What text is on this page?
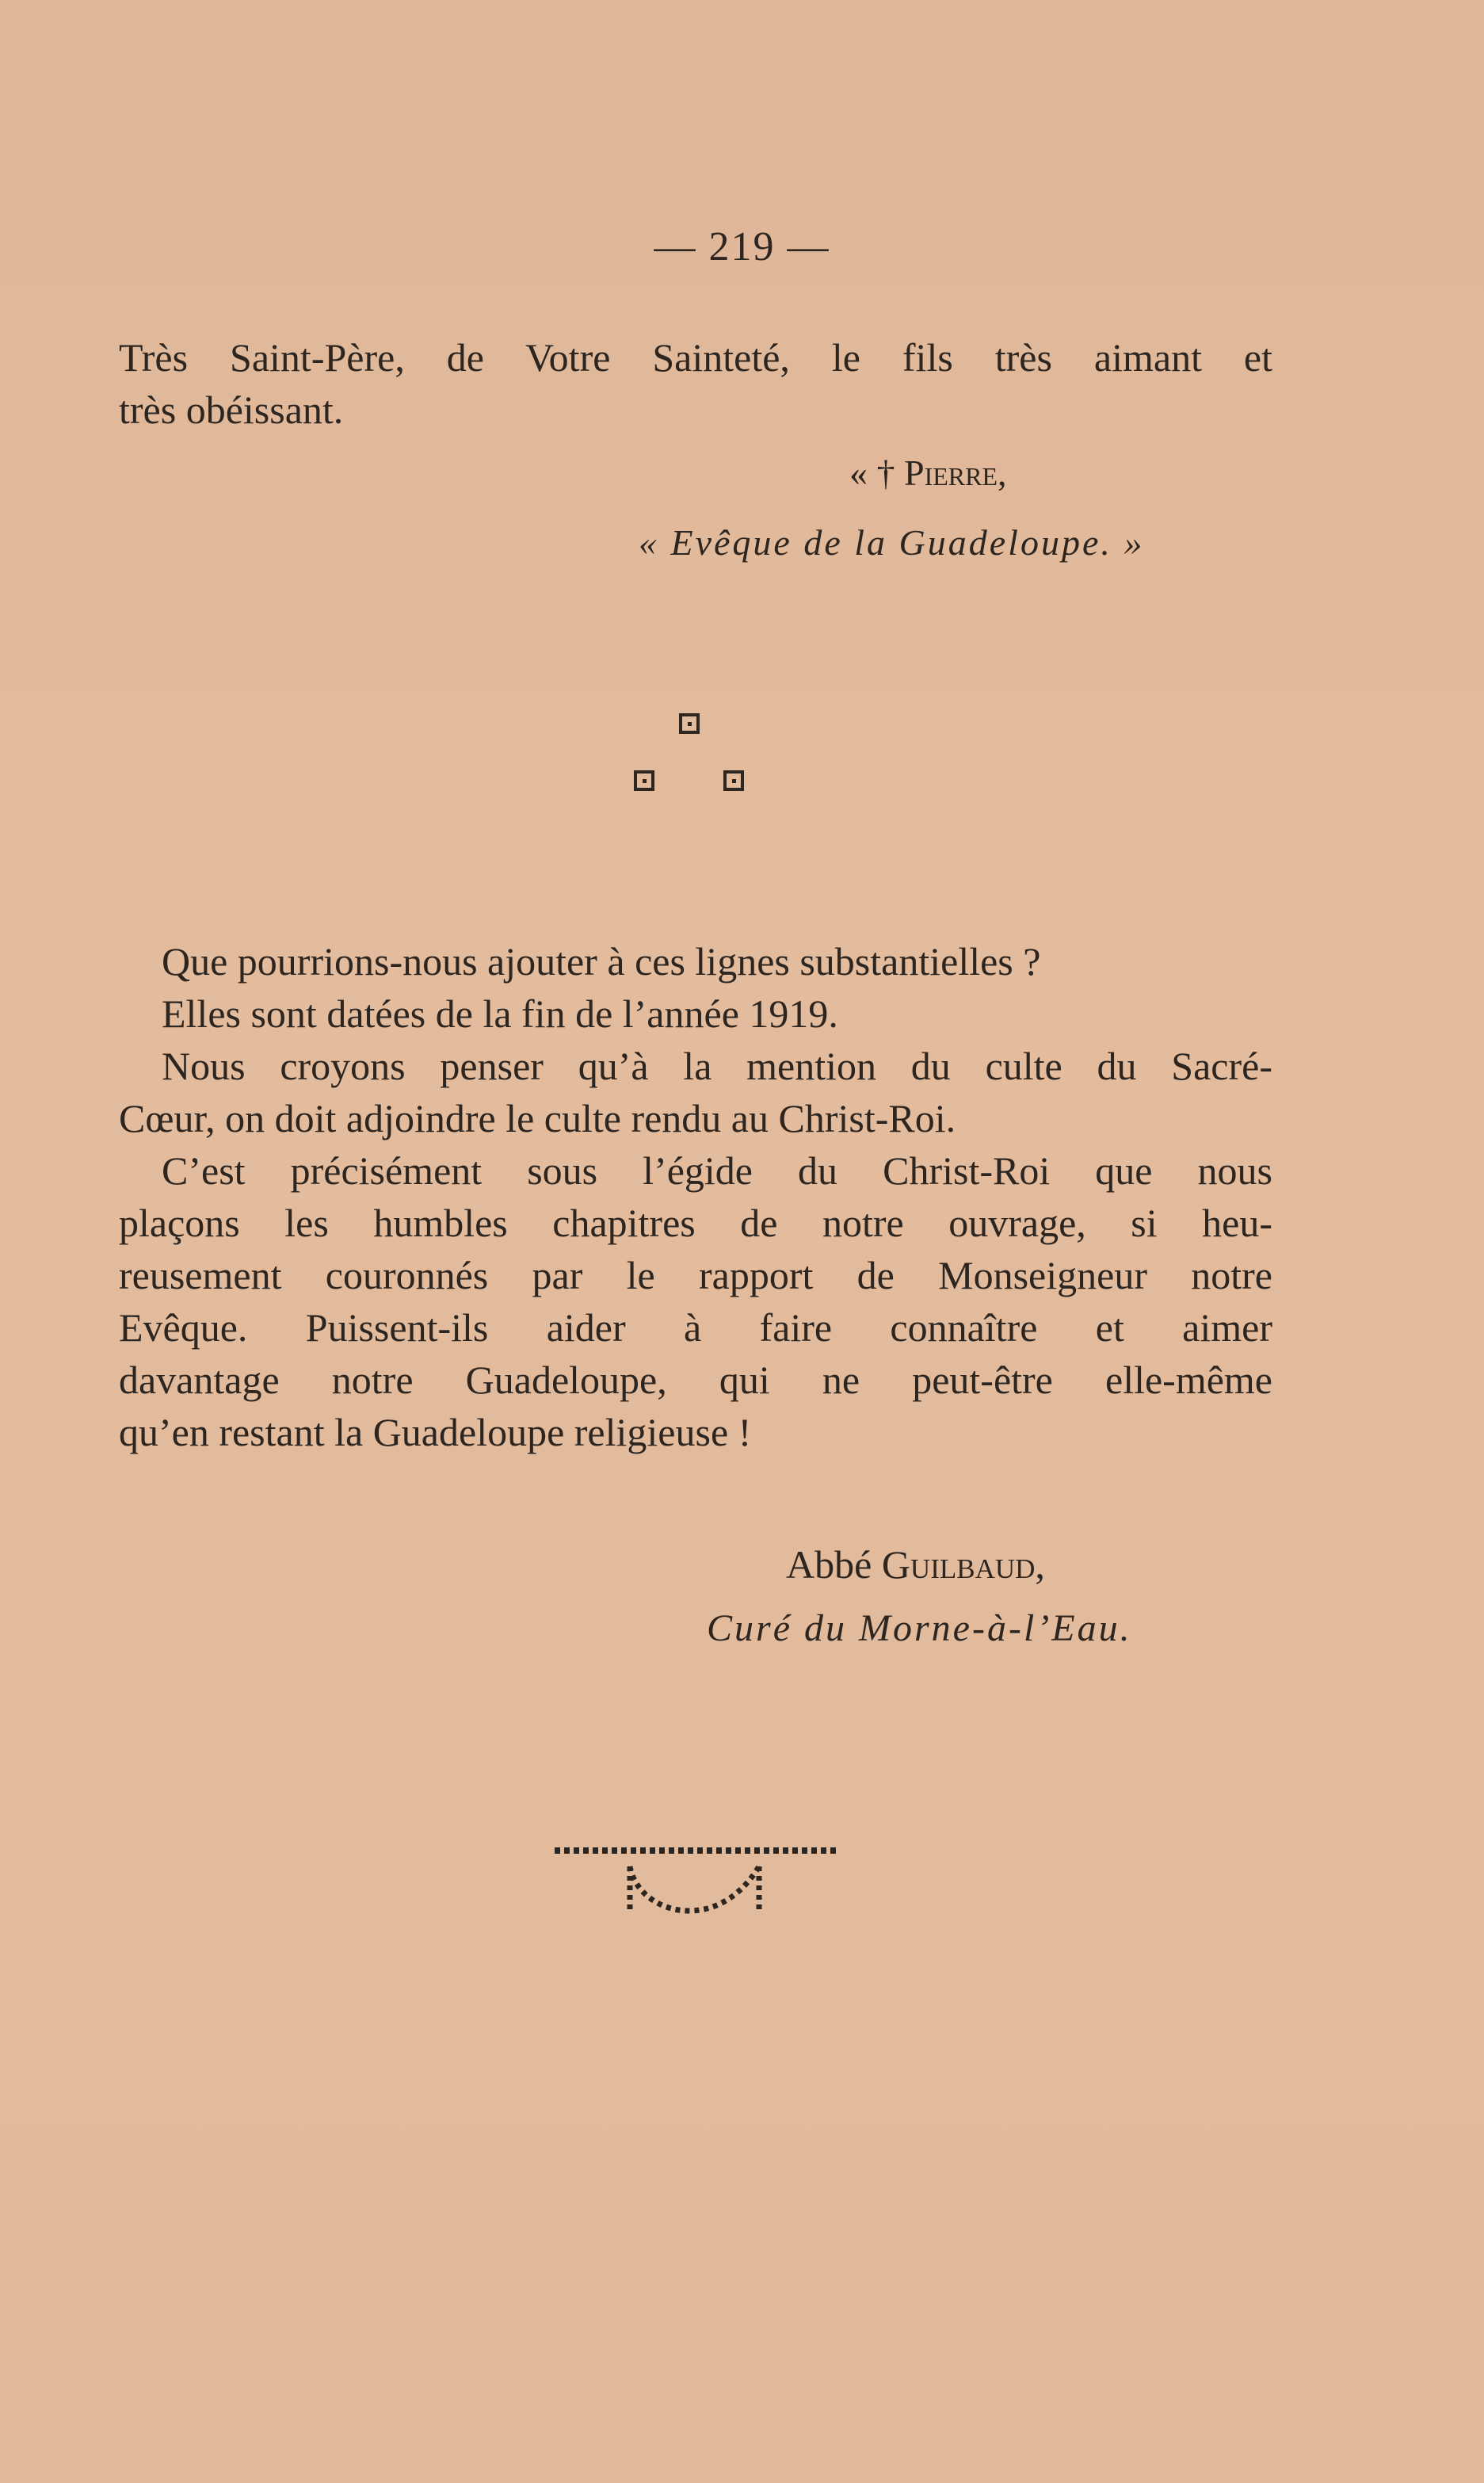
— 219 —
Très Saint-Père, de Votre Sainteté, le fils très aimant et
très obéissant.
« † Pierre,
« Evêque de la Guadeloupe. »
Que pourrions-nous ajouter à ces lignes substantielles ?
Elles sont datées de la fin de l’année 1919.
Nous croyons penser qu’à la mention du culte du Sacré-
Cœur, on doit adjoindre le culte rendu au Christ-Roi.
C’est précisément sous l’égide du Christ-Roi que nous
plaçons les humbles chapitres de notre ouvrage, si heu-
reusement couronnés par le rapport de Monseigneur notre
Evêque. Puissent-ils aider à faire connaître et aimer
davantage notre Guadeloupe, qui ne peut-être elle-même
qu’en restant la Guadeloupe religieuse !
Abbé Guilbaud,
Curé du Morne-à-l’Eau.
